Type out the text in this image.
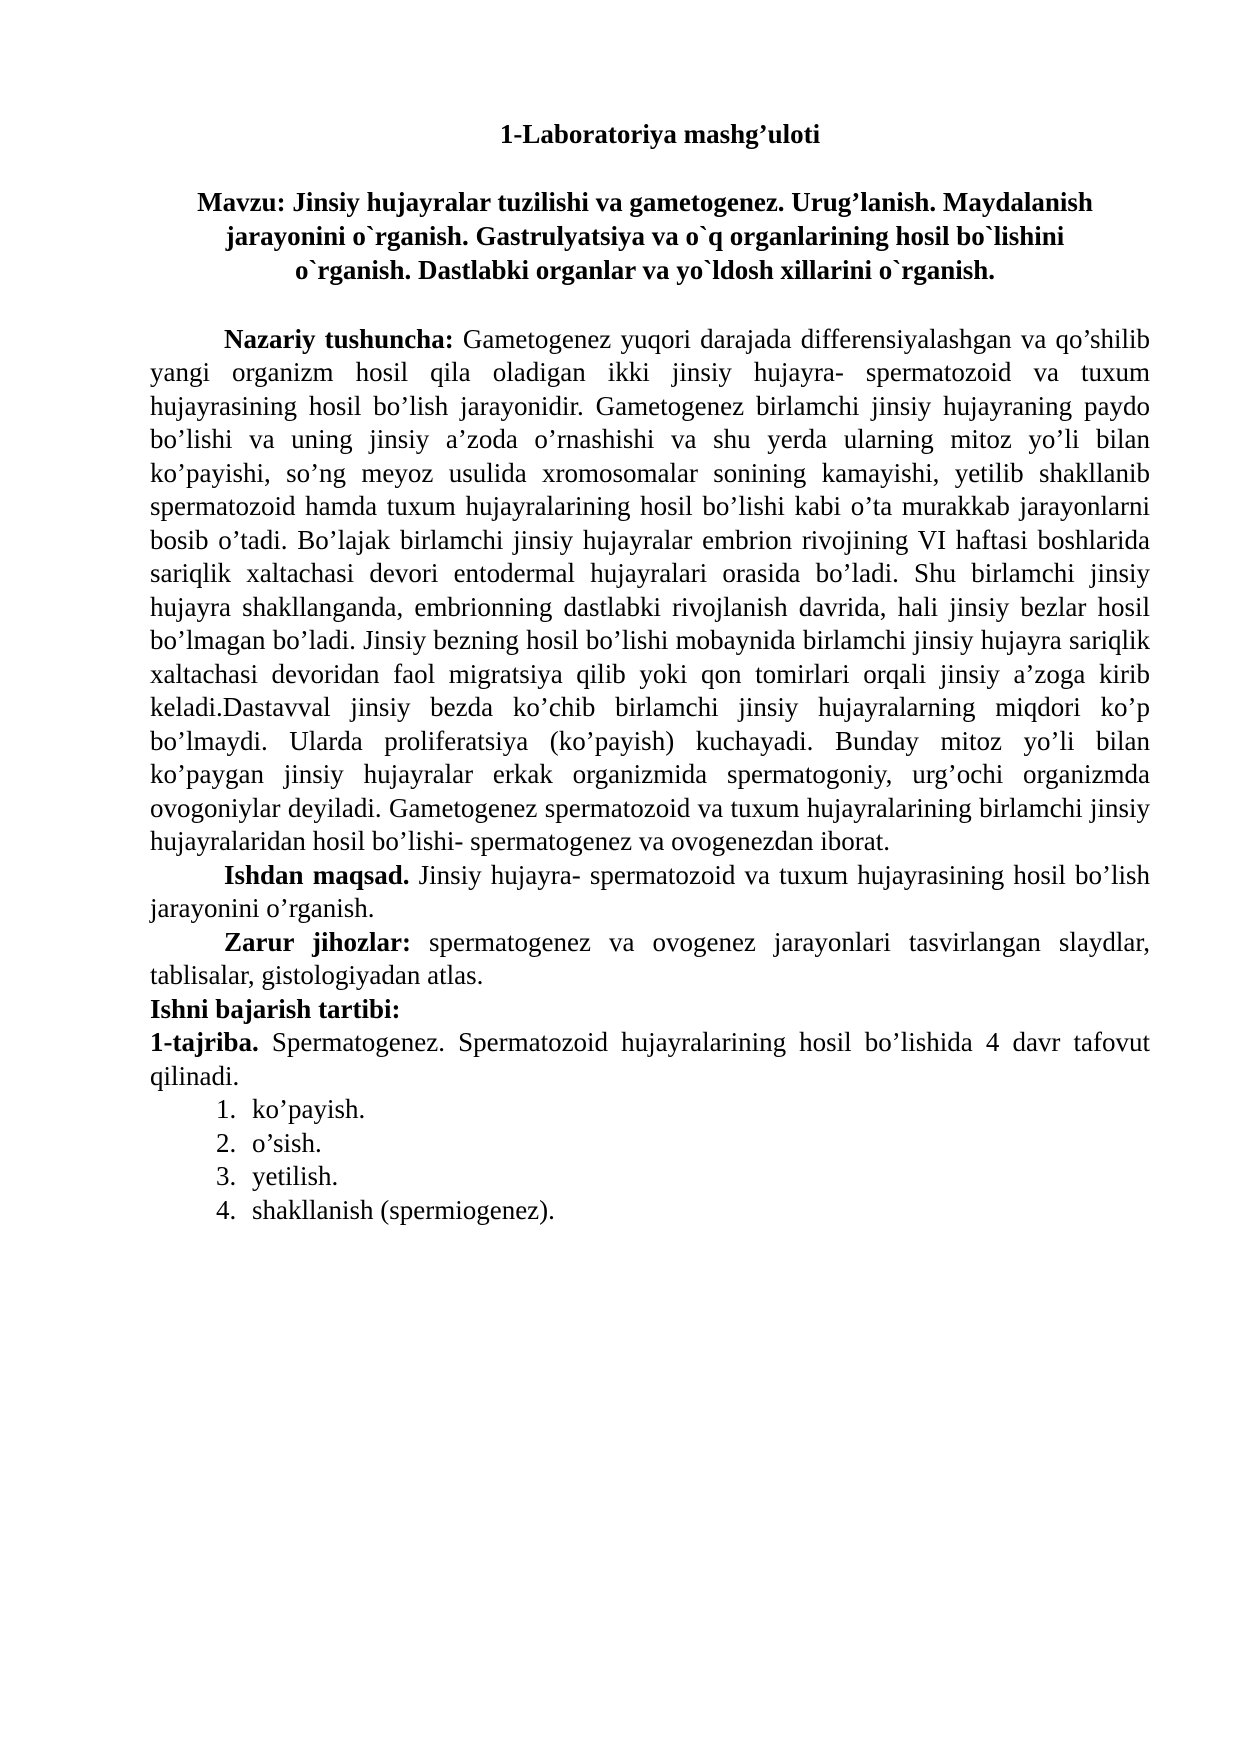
1-Laboratoriya mashg’uloti

Mavzu: Jinsiy hujayralar tuzilishi va gametogenez. Urug’lanish. Maydalanish
jarayonini o`rganish. Gastrulyatsiya va o`q organlarining hosil bo`lishini
o`rganish. Dastlabki organlar va yo`ldosh xillarini o`rganish.

Nazariy tushuncha: Gametogenez yuqori darajada differensiyalashgan va qo’shilib yangi organizm hosil qila oladigan ikki jinsiy hujayra- spermatozoid va tuxum hujayrasining hosil bo’lish jarayonidir. Gametogenez birlamchi jinsiy hujayraning paydo bo’lishi va uning jinsiy a’zoda o’rnashishi va shu yerda ularning mitoz yo’li bilan ko’payishi, so’ng meyoz usulida xromosomalar sonining kamayishi, yetilib shakllanib spermatozoid hamda tuxum hujayralarining hosil bo’lishi kabi o’ta murakkab jarayonlarni bosib o’tadi. Bo’lajak birlamchi jinsiy hujayralar embrion rivojining VI haftasi boshlarida sariqlik xaltachasi devori entodermal hujayralari orasida bo’ladi. Shu birlamchi jinsiy hujayra shakllanganda, embrionning dastlabki rivojlanish davrida, hali jinsiy bezlar hosil bo’lmagan bo’ladi. Jinsiy bezning hosil bo’lishi mobaynida birlamchi jinsiy hujayra sariqlik xaltachasi devoridan faol migratsiya qilib yoki qon tomirlari orqali jinsiy a’zoga kirib keladi.Dastavval jinsiy bezda ko’chib birlamchi jinsiy hujayralarning miqdori ko’p bo’lmaydi. Ularda proliferatsiya (ko’payish) kuchayadi. Bunday mitoz yo’li bilan ko’paygan jinsiy hujayralar erkak organizmida spermatogoniy, urg’ochi organizmda ovogoniylar deyiladi. Gametogenez spermatozoid va tuxum hujayralarining birlamchi jinsiy hujayralaridan hosil bo’lishi- spermatogenez va ovogenezdan iborat.

Ishdan maqsad. Jinsiy hujayra- spermatozoid va tuxum hujayrasining hosil bo’lish jarayonini o’rganish.

Zarur jihozlar: spermatogenez va ovogenez jarayonlari tasvirlangan slaydlar, tablisalar, gistologiyadan atlas.

Ishni bajarish tartibi:

1-tajriba. Spermatogenez. Spermatozoid hujayralarining hosil bo’lishida 4 davr tafovut qilinadi.

1. ko’payish.
2. o’sish.
3. yetilish.
4. shakllanish (spermiogenez).
